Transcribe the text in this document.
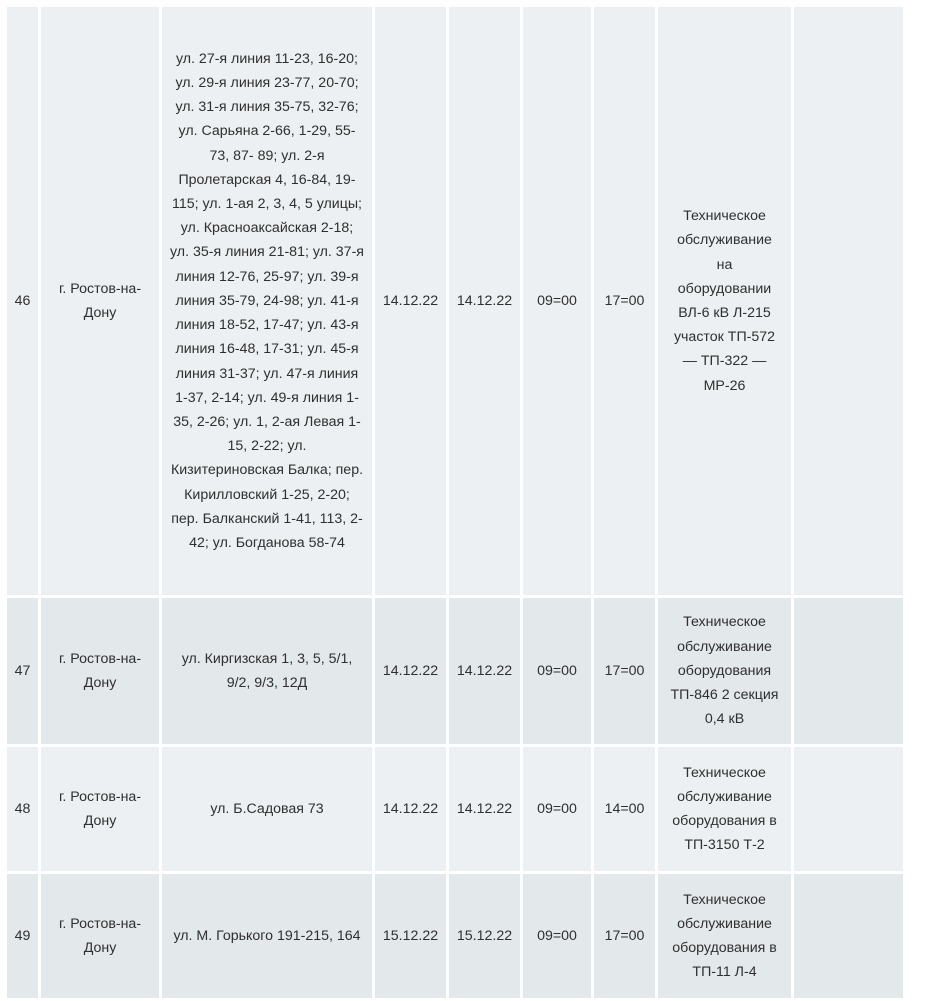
46	г. Ростов-на-Дону	ул. 27-я линия 11-23, 16-20; ул. 29-я линия 23-77, 20-70; ул. 31-я линия 35-75, 32-76; ул. Сарьяна 2-66, 1-29, 55-73, 87- 89; ул. 2-я Пролетарская 4, 16-84, 19-115; ул. 1-ая 2, 3, 4, 5 улицы; ул. Красноаксайская 2-18; ул. 35-я линия 21-81; ул. 37-я линия 12-76, 25-97; ул. 39-я линия 35-79, 24-98; ул. 41-я линия 18-52, 17-47; ул. 43-я линия 16-48, 17-31; ул. 45-я линия 31-37; ул. 47-я линия 1-37, 2-14; ул. 49-я линия 1-35, 2-26; ул. 1, 2-ая Левая 1-15, 2-22; ул. Кизитериновская Балка; пер. Кирилловский 1-25, 2-20; пер. Балканский 1-41, 113, 2-42; ул. Богданова 58-74	14.12.22	14.12.22	09=00	17=00	Техническое обслуживание на оборудовании ВЛ-6 кВ Л-215 участок ТП-572 — ТП-322 — МР-26	
47	г. Ростов-на-Дону	ул. Киргизская 1, 3, 5, 5/1, 9/2, 9/3, 12Д	14.12.22	14.12.22	09=00	17=00	Техническое обслуживание оборудования ТП-846 2 секция 0,4 кВ	
48	г. Ростов-на-Дону	ул. Б.Садовая 73	14.12.22	14.12.22	09=00	14=00	Техническое обслуживание оборудования в ТП-3150 Т-2	
49	г. Ростов-на-Дону	ул. М. Горького 191-215, 164	15.12.22	15.12.22	09=00	17=00	Техническое обслуживание оборудования в ТП-11 Л-4	
